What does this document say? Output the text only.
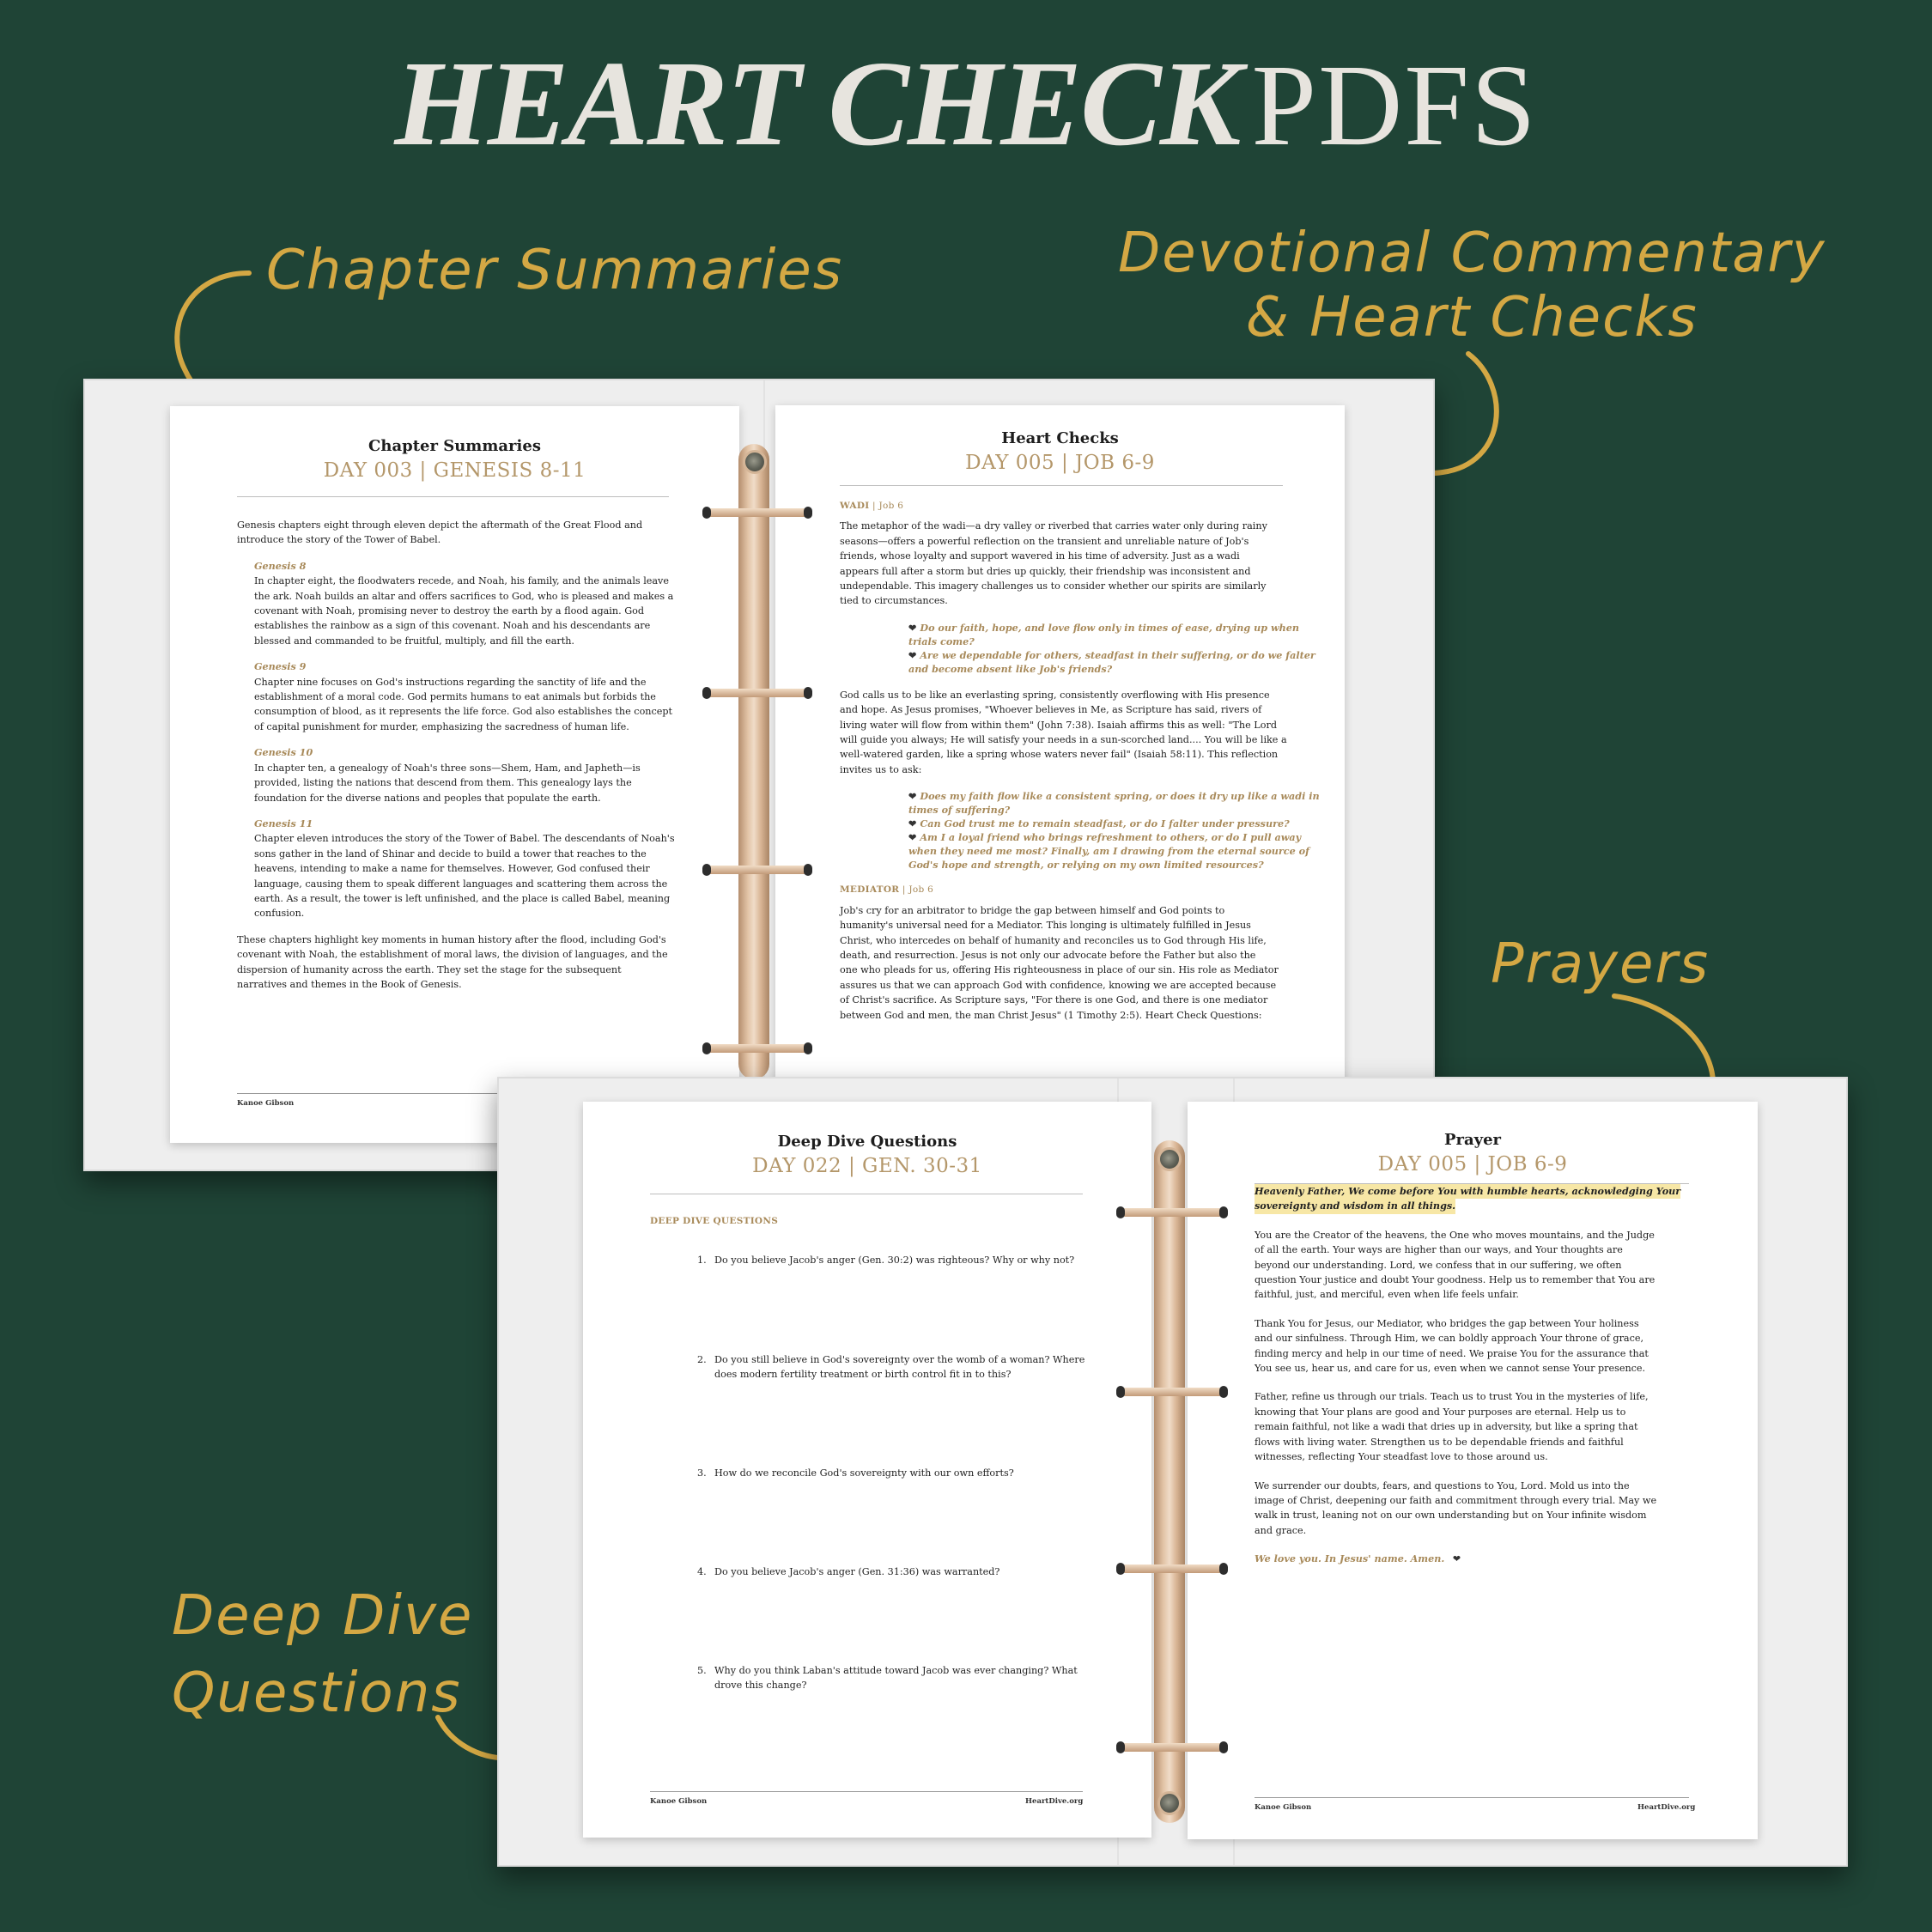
HEART CHECK PDFS
Chapter Summaries	Devotional Commentary
& Heart Checks
Prayers
Deep Dive
Questions
Chapter Summaries
DAY 003 | GENESIS 8-11
Genesis chapters eight through eleven depict the aftermath of the Great Flood and
introduce the story of the Tower of Babel.
Genesis 8
In chapter eight, the floodwaters recede, and Noah, his family, and the animals leave
the ark. Noah builds an altar and offers sacrifices to God, who is pleased and makes a
covenant with Noah, promising never to destroy the earth by a flood again. God
establishes the rainbow as a sign of this covenant. Noah and his descendants are
blessed and commanded to be fruitful, multiply, and fill the earth.
Genesis 9
Chapter nine focuses on God's instructions regarding the sanctity of life and the
establishment of a moral code. God permits humans to eat animals but forbids the
consumption of blood, as it represents the life force. God also establishes the concept
of capital punishment for murder, emphasizing the sacredness of human life.
Genesis 10
In chapter ten, a genealogy of Noah's three sons—Shem, Ham, and Japheth—is
provided, listing the nations that descend from them. This genealogy lays the
foundation for the diverse nations and peoples that populate the earth.
Genesis 11
Chapter eleven introduces the story of the Tower of Babel. The descendants of Noah's
sons gather in the land of Shinar and decide to build a tower that reaches to the
heavens, intending to make a name for themselves. However, God confused their
language, causing them to speak different languages and scattering them across the
earth. As a result, the tower is left unfinished, and the place is called Babel, meaning
confusion.
These chapters highlight key moments in human history after the flood, including God's
covenant with Noah, the establishment of moral laws, the division of languages, and the
dispersion of humanity across the earth. They set the stage for the subsequent
narratives and themes in the Book of Genesis.
Kanoe Gibson
Heart Checks
DAY 005 | JOB 6-9
WADI | Job 6
The metaphor of the wadi—a dry valley or riverbed that carries water only during rainy
seasons—offers a powerful reflection on the transient and unreliable nature of Job's
friends, whose loyalty and support wavered in his time of adversity. Just as a wadi
appears full after a storm but dries up quickly, their friendship was inconsistent and
undependable. This imagery challenges us to consider whether our spirits are similarly
tied to circumstances.
❤ Do our faith, hope, and love flow only in times of ease, drying up when
trials come?
❤ Are we dependable for others, steadfast in their suffering, or do we falter
and become absent like Job's friends?
God calls us to be like an everlasting spring, consistently overflowing with His presence
and hope. As Jesus promises, "Whoever believes in Me, as Scripture has said, rivers of
living water will flow from within them" (John 7:38). Isaiah affirms this as well: "The Lord
will guide you always; He will satisfy your needs in a sun-scorched land.... You will be like a
well-watered garden, like a spring whose waters never fail" (Isaiah 58:11). This reflection
invites us to ask:
❤ Does my faith flow like a consistent spring, or does it dry up like a wadi in
times of suffering?
❤ Can God trust me to remain steadfast, or do I falter under pressure?
❤ Am I a loyal friend who brings refreshment to others, or do I pull away
when they need me most? Finally, am I drawing from the eternal source of
God's hope and strength, or relying on my own limited resources?
MEDIATOR | Job 6
Job's cry for an arbitrator to bridge the gap between himself and God points to
humanity's universal need for a Mediator. This longing is ultimately fulfilled in Jesus
Christ, who intercedes on behalf of humanity and reconciles us to God through His life,
death, and resurrection. Jesus is not only our advocate before the Father but also the
one who pleads for us, offering His righteousness in place of our sin. His role as Mediator
assures us that we can approach God with confidence, knowing we are accepted because
of Christ's sacrifice. As Scripture says, "For there is one God, and there is one mediator
between God and men, the man Christ Jesus" (1 Timothy 2:5). Heart Check Questions:
Deep Dive Questions
DAY 022 | GEN. 30-31
DEEP DIVE QUESTIONS
1. Do you believe Jacob's anger (Gen. 30:2) was righteous? Why or why not?
2. Do you still believe in God's sovereignty over the womb of a woman? Where
does modern fertility treatment or birth control fit in to this?
3. How do we reconcile God's sovereignty with our own efforts?
4. Do you believe Jacob's anger (Gen. 31:36) was warranted?
5. Why do you think Laban's attitude toward Jacob was ever changing? What
drove this change?
Kanoe Gibson	HeartDive.org
Prayer
DAY 005 | JOB 6-9
Heavenly Father, We come before You with humble hearts, acknowledging Your sovereignty and wisdom in all things.
You are the Creator of the heavens, the One who moves mountains, and the Judge
of all the earth. Your ways are higher than our ways, and Your thoughts are
beyond our understanding. Lord, we confess that in our suffering, we often
question Your justice and doubt Your goodness. Help us to remember that You are
faithful, just, and merciful, even when life feels unfair.
Thank You for Jesus, our Mediator, who bridges the gap between Your holiness
and our sinfulness. Through Him, we can boldly approach Your throne of grace,
finding mercy and help in our time of need. We praise You for the assurance that
You see us, hear us, and care for us, even when we cannot sense Your presence.
Father, refine us through our trials. Teach us to trust You in the mysteries of life,
knowing that Your plans are good and Your purposes are eternal. Help us to
remain faithful, not like a wadi that dries up in adversity, but like a spring that
flows with living water. Strengthen us to be dependable friends and faithful
witnesses, reflecting Your steadfast love to those around us.
We surrender our doubts, fears, and questions to You, Lord. Mold us into the
image of Christ, deepening our faith and commitment through every trial. May we
walk in trust, leaning not on our own understanding but on Your infinite wisdom
and grace.
We love you. In Jesus' name. Amen. ❤
Kanoe Gibson	HeartDive.org
